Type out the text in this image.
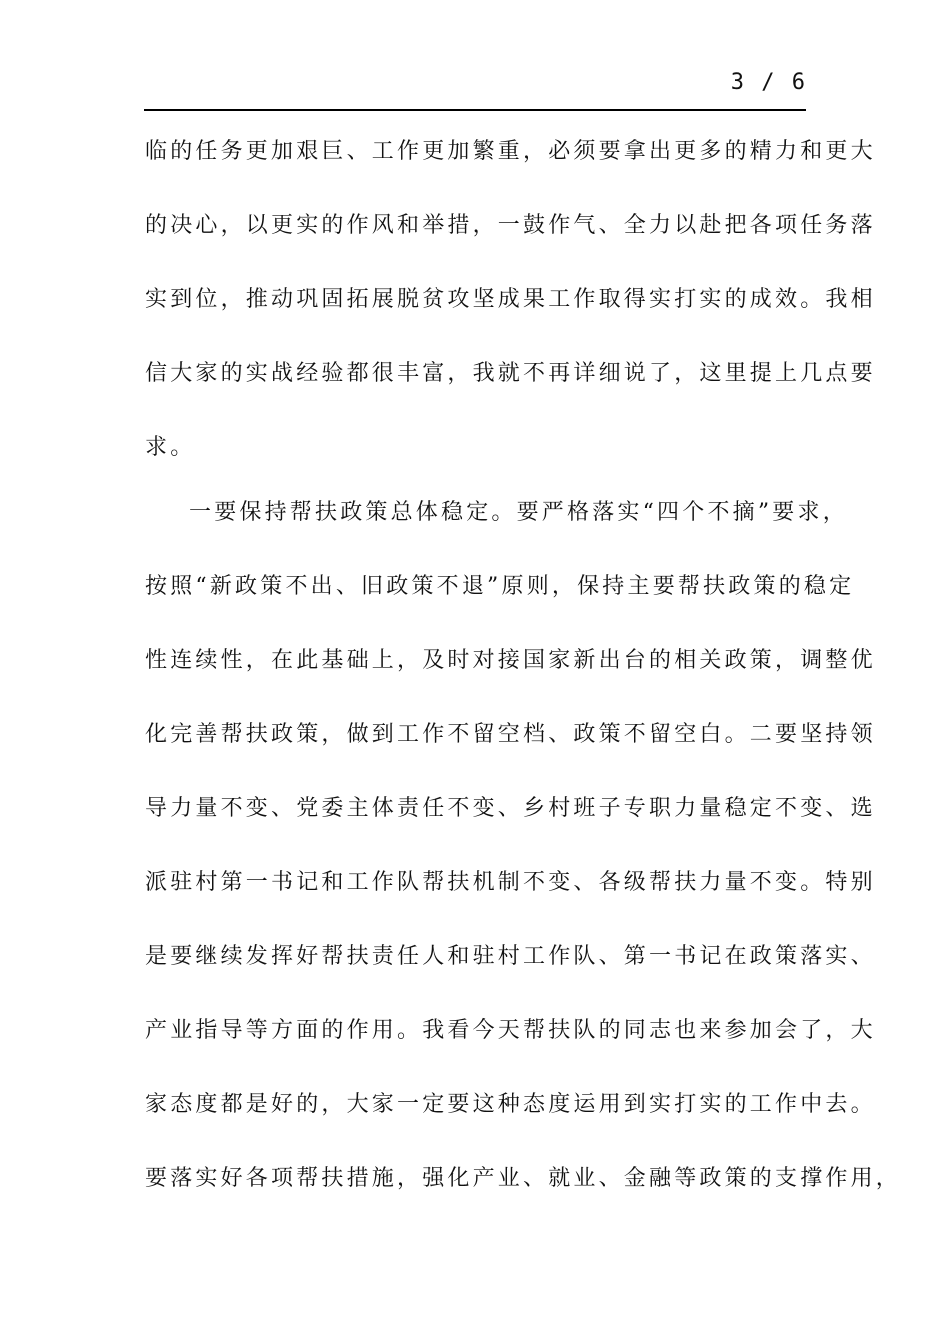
3 / 6
临的任务更加艰巨、工作更加繁重，必须要拿出更多的精力和更大
的决心，以更实的作风和举措，一鼓作气、全力以赴把各项任务落
实到位，推动巩固拓展脱贫攻坚成果工作取得实打实的成效。我相
信大家的实战经验都很丰富，我就不再详细说了，这里提上几点要
求。
一要保持帮扶政策总体稳定。要严格落实“四个不摘”要求，
按照“新政策不出、旧政策不退”原则，保持主要帮扶政策的稳定
性连续性，在此基础上，及时对接国家新出台的相关政策，调整优
化完善帮扶政策，做到工作不留空档、政策不留空白。二要坚持领
导力量不变、党委主体责任不变、乡村班子专职力量稳定不变、选
派驻村第一书记和工作队帮扶机制不变、各级帮扶力量不变。特别
是要继续发挥好帮扶责任人和驻村工作队、第一书记在政策落实、
产业指导等方面的作用。我看今天帮扶队的同志也来参加会了，大
家态度都是好的，大家一定要这种态度运用到实打实的工作中去。
要落实好各项帮扶措施，强化产业、就业、金融等政策的支撑作用，
